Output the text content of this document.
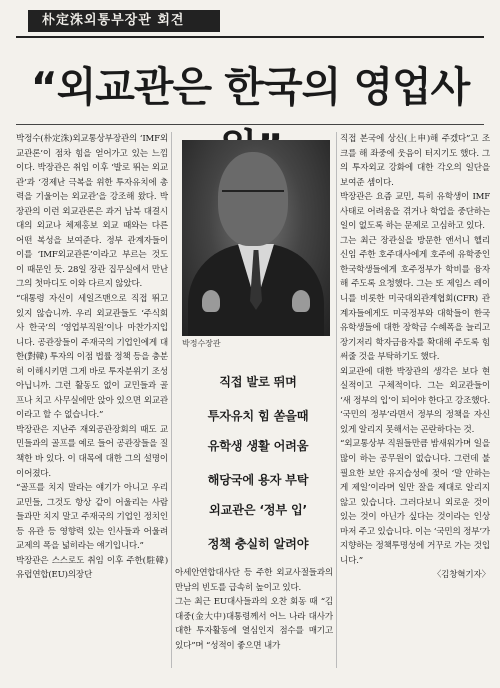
朴定洙외통부장관 회견
“외교관은 한국의 영업사

박정수(朴定洙)외교통상부장관의 ‘IMF외교관론’이 점차 힘을 얻어가고 있는 느낌이다. 박장관은 취임 이후 ‘발로 뛰는 외교관’과 ‘경제난 극복을 위한 투자유치에 총력을 기울이는 외교관’을 강조해 왔다. 박장관의 이런 외교관론은 과거 남북 대결시대의 외교나 체제홍보 외교 때와는 다른 어떤 복성을 보여준다. 정부 관계자들이 이를 ‘IMF외교관론’이라고 부르는 것도 이 때문인 듯. 28일 장관 집무실에서 만난 그의 첫마디도 이와 다르지 않았다.

“대통령 자신이 세일즈맨으로 직접 뛰고 있지 않습니까. 우리 외교관들도 ‘주식회사 한국’의 ‘영업부직원’이나 마찬가지입니다. 공관장들이 주재국의 기업인에게 대한(對韓) 투자의 이점 법률 정책 등을 충분히 이해시키면 그게 바로 투자분위기 조성 아닙니까. 그런 활동도 없이 교민들과 골프나 치고 사무실에만 앉아 있으면 외교관이라고 할 수 없습니다.”

박장관은 지난주 재외공관장회의 때도 교민들과의 골프를 예로 들어 공관장들을 질책한 바 있다. 이 대목에 대한 그의 설명이 이어졌다.

“골프를 치지 말라는 얘기가 아니고 우리 교민들, 그것도 항상 같이 어울리는 사람들과만 치지 말고 주재국의 기업인 정치인 등 유관 등 영향력 있는 인사들과 어울려 교제의 폭을 넓히라는 얘기입니다.”

박장관은 스스로도 취임 이후 주한(駐韓) 유럽연합(EU)의장단

박정수장관
직접 발로 뛰며
투자유치 힘 쏟을때
유학생 생활 어려움
해당국에 용자 부탁
외교관은 ‘정부 입’
정책 충실히 알려야

아세안연합대사단 등 주한 외교사절들과의 만남의 빈도를 급속히 높이고 있다.

그는 최근 EU대사들과의 오찬 회동 때 “김대중(金大中)대통령께서 어느 나라 대사가 대한 투자활동에 열심인지 점수를 매기고 있다”며 “성적이 좋으면 내가

직접 본국에 상신(上申)해 주겠다”고 조크를 해 좌중에 웃음이 터지기도 했다. 그 의 투자외교 강화에 대한 각오의 일단을 보여준 셈이다.

박장관은 요즘 교민, 특히 유학생이 IMF사태로 어려움을 겪거나 학업을 중단하는 일이 없도록 하는 문제로 고심하고 있다.

그는 최근 장관실을 방문한 앤서니 헬리 신임 주한 호주대사에게 호주에 유학중인 한국학생들에게 호주정부가 학비를 융자해 주도록 요청했다. 그는 또 제임스 레이니를 비롯한 미국대외관계협회(CFR) 관계자들에게도 미국정부와 대학들이 한국유학생들에 대한 장학금 수혜폭을 늘리고 장기저리 학자금융자를 확대해 주도록 힘써줄 것을 부탁하기도 했다.

외교관에 대한 박장관의 생각은 보다 현실적이고 구체적이다. 그는 외교관들이 ‘새 정부의 입’이 되어야 한다고 강조했다. ‘국민의 정부’라면서 정부의 정책을 자신있게 알리지 못해서는 곤란하다는 것.

“외교통상부 직원들만큼 밤새워가며 일을 많이 하는 공무원이 없습니다. 그런데 불필요한 보안 유지습성에 젖어 ‘말 안하는게 제일’이라며 일만 잘을 제대로 알리지 않고 있습니다. 그러다보니 외로운 것이 있는 것이 아닌가 싶다는 것이라는 인상마저 주고 있습니다. 이는 ‘국민의 정부’가 지향하는 정책투명성에 거꾸로 가는 것입니다.”

〈김창혁기자〉
